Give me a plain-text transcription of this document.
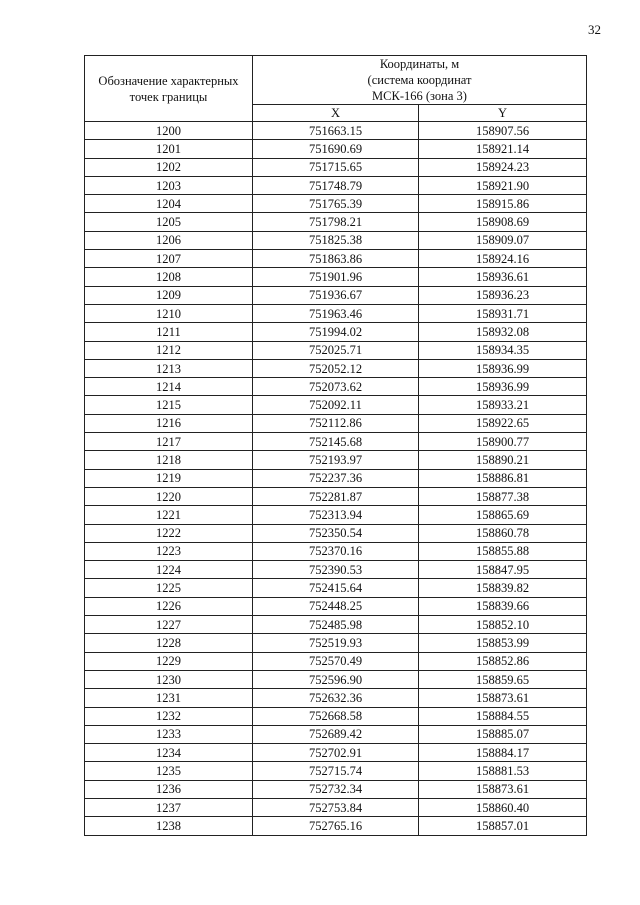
32
Обозначение характерных точек границы	Координаты, м
(система координат
МСК-166 (зона 3)	

	X	Y
1200	751663.15	158907.56
1201	751690.69	158921.14
1202	751715.65	158924.23
1203	751748.79	158921.90
1204	751765.39	158915.86
1205	751798.21	158908.69
1206	751825.38	158909.07
1207	751863.86	158924.16
1208	751901.96	158936.61
1209	751936.67	158936.23
1210	751963.46	158931.71
1211	751994.02	158932.08
1212	752025.71	158934.35
1213	752052.12	158936.99
1214	752073.62	158936.99
1215	752092.11	158933.21
1216	752112.86	158922.65
1217	752145.68	158900.77
1218	752193.97	158890.21
1219	752237.36	158886.81
1220	752281.87	158877.38
1221	752313.94	158865.69
1222	752350.54	158860.78
1223	752370.16	158855.88
1224	752390.53	158847.95
1225	752415.64	158839.82
1226	752448.25	158839.66
1227	752485.98	158852.10
1228	752519.93	158853.99
1229	752570.49	158852.86
1230	752596.90	158859.65
1231	752632.36	158873.61
1232	752668.58	158884.55
1233	752689.42	158885.07
1234	752702.91	158884.17
1235	752715.74	158881.53
1236	752732.34	158873.61
1237	752753.84	158860.40
1238	752765.16	158857.01
